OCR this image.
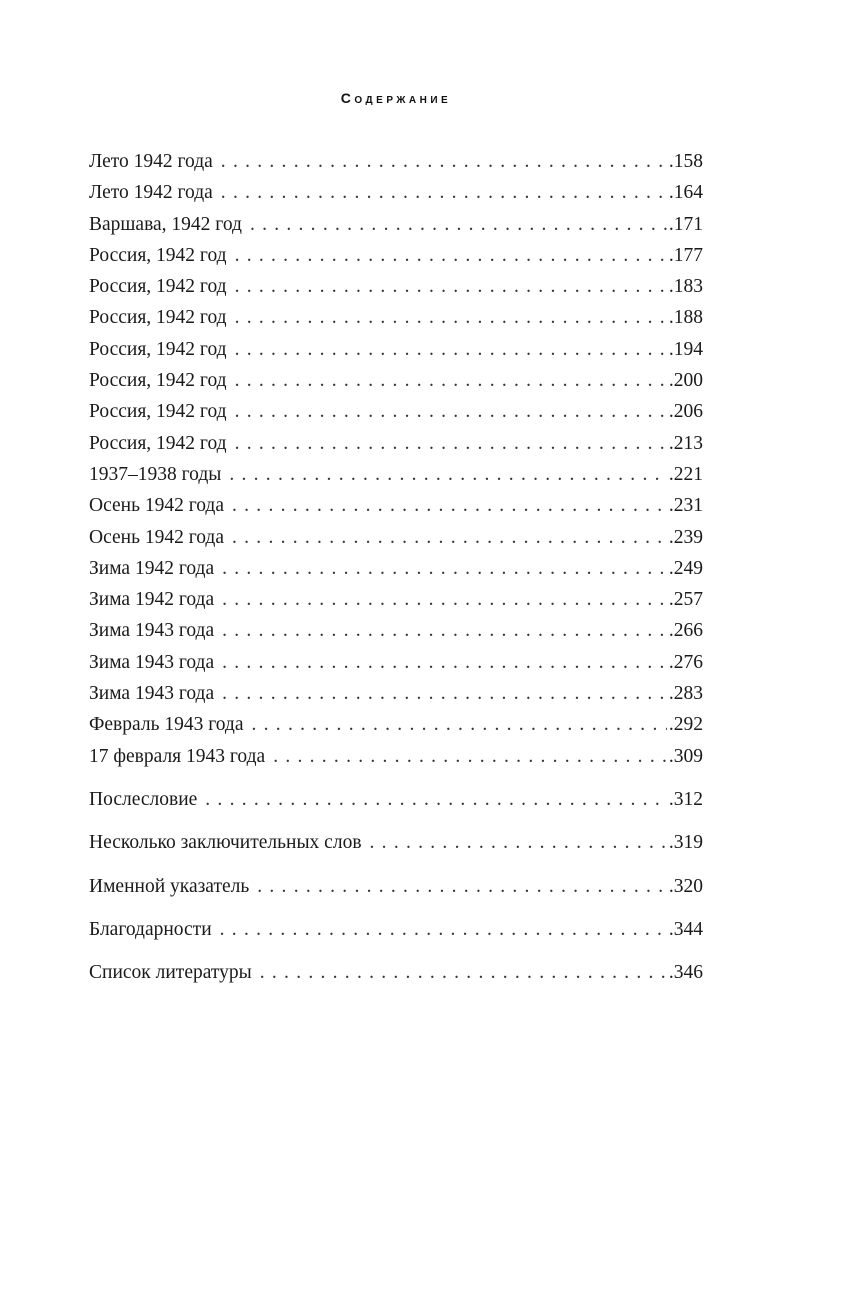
Содержание
Лето 1942 года . . .	.158
Лето 1942 года . . .	.164
Варшава, 1942 год . . .	.171
Россия, 1942 год . . .	.177
Россия, 1942 год . . .	.183
Россия, 1942 год . . .	.188
Россия, 1942 год . . .	.194
Россия, 1942 год . . .	.200
Россия, 1942 год . . .	.206
Россия, 1942 год . . .	.213
1937–1938 годы . . .	.221
Осень 1942 года . . .	.231
Осень 1942 года . . .	.239
Зима 1942 года . . .	.249
Зима 1942 года . . .	.257
Зима 1943 года . . .	.266
Зима 1943 года . . .	.276
Зима 1943 года . . .	.283
Февраль 1943 года . . .	.292
17 февраля 1943 года . . .	.309
Послесловие . . .	.312
Несколько заключительных слов . . .	.319
Именной указатель . . .	.320
Благодарности . . .	.344
Список литературы . . .	.346
